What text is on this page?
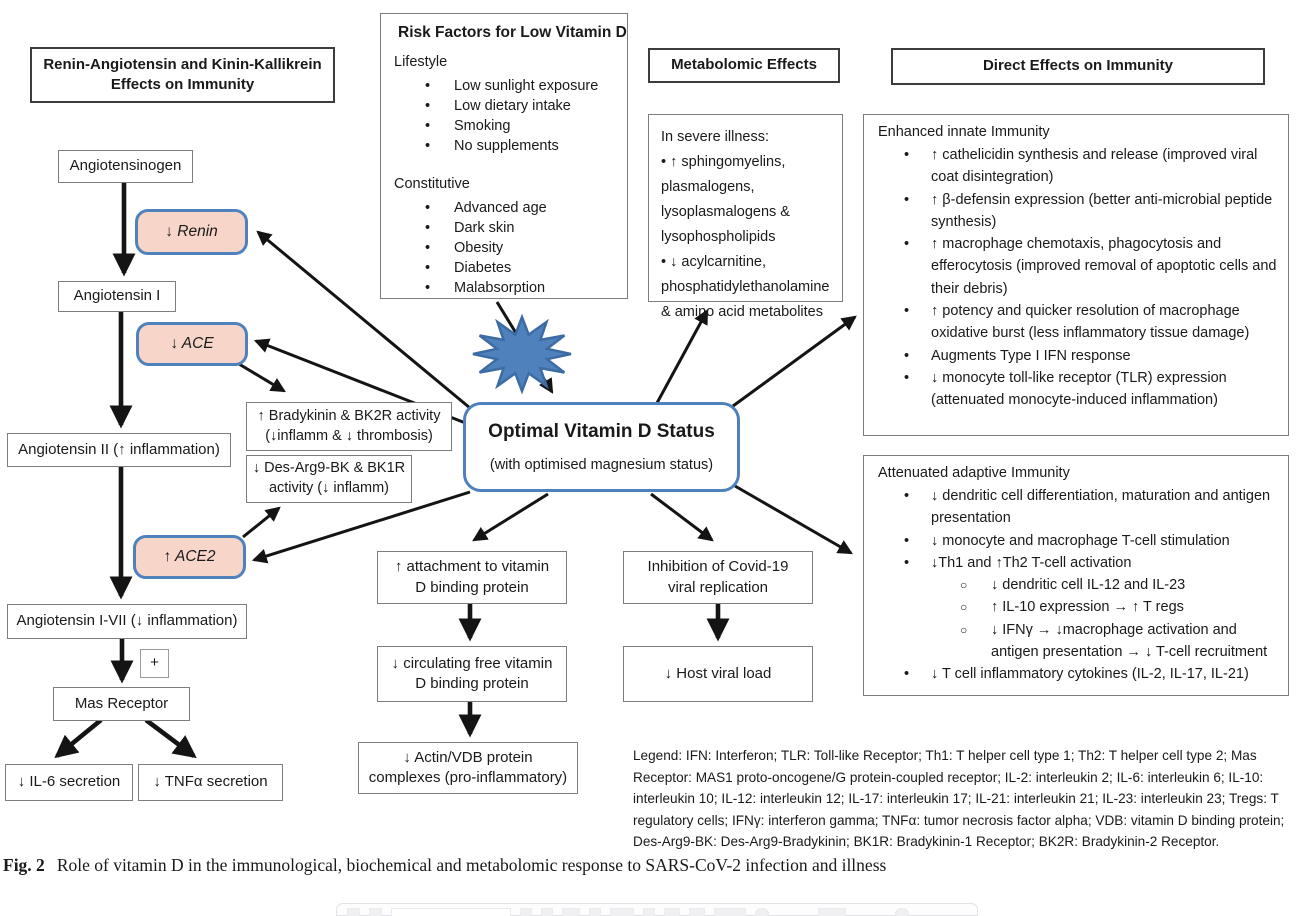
Renin-Angiotensin and Kinin-Kallikrein
Effects on Immunity
Metabolomic Effects	Direct Effects on Immunity
Risk Factors for Low Vitamin D
Lifestyle
• Low sunlight exposure
• Low dietary intake
• Smoking
• No supplements
Constitutive
• Advanced age
• Dark skin
• Obesity
• Diabetes
• Malabsorption

In severe illness:

• ↑ sphingomyelins, plasmalogens, lysoplasmalogens & lysophospholipids

• ↓ acylcarnitine, phosphatidylethanolamine & amino acid metabolites

Enhanced innate Immunity
• ↑ cathelicidin synthesis and release (improved viral coat disintegration)
• ↑ β-defensin expression (better anti-microbial peptide synthesis)
• ↑ macrophage chemotaxis, phagocytosis and efferocytosis (improved removal of apoptotic cells and their debris)
• ↑ potency and quicker resolution of macrophage oxidative burst (less inflammatory tissue damage)
• Augments Type I IFN response
• ↓ monocyte toll-like receptor (TLR) expression (attenuated monocyte-induced inflammation)
Attenuated adaptive Immunity
• ↓ dendritic cell differentiation, maturation and antigen presentation
• ↓ monocyte and macrophage T-cell stimulation
• ↓Th1 and ↑Th2 T-cell activation
○ ↓ dendritic cell IL-12 and IL-23
○ ↑ IL-10 expression → ↑ T regs
○ ↓ IFNγ → ↓macrophage activation and antigen presentation → ↓ T-cell recruitment
• ↓ T cell inflammatory cytokines (IL-2, IL-17, IL-21)
Angiotensinogen
↓ Renin
Angiotensin I
↓ ACE
Angiotensin II (↑ inflammation)
↑ Bradykinin & BK2R activity
(↓inflamm & ↓ thrombosis)
↓ Des-Arg9-BK & BK1R
activity (↓ inflamm)
↑ ACE2
Angiotensin I-VII (↓ inflammation)
+
Mas Receptor
↓ IL-6 secretion ↓ TNFα secretion
Optimal Vitamin D Status
(with optimised magnesium status)
↑ attachment to vitamin
D binding protein
↓ circulating free vitamin
D binding protein
↓ Actin/VDB protein
complexes (pro-inflammatory)
Inhibition of Covid-19
viral replication
↓ Host viral load
Legend: IFN: Interferon; TLR: Toll-like Receptor; Th1: T helper cell type 1; Th2: T helper cell type 2; Mas Receptor: MAS1 proto-oncogene/G protein-coupled receptor; IL-2: interleukin 2; IL-6: interleukin 6; IL-10: interleukin 10; IL-12: interleukin 12; IL-17: interleukin 17; IL-21: interleukin 21; IL-23: interleukin 23; Tregs: T regulatory cells; IFNγ: interferon gamma; TNFα: tumor necrosis factor alpha; VDB: vitamin D binding protein; Des-Arg9-BK: Des-Arg9-Bradykinin; BK1R: Bradykinin-1 Receptor; BK2R: Bradykinin-2 Receptor.
Fig. 2 Role of vitamin D in the immunological, biochemical and metabolomic response to SARS-CoV-2 infection and illness
